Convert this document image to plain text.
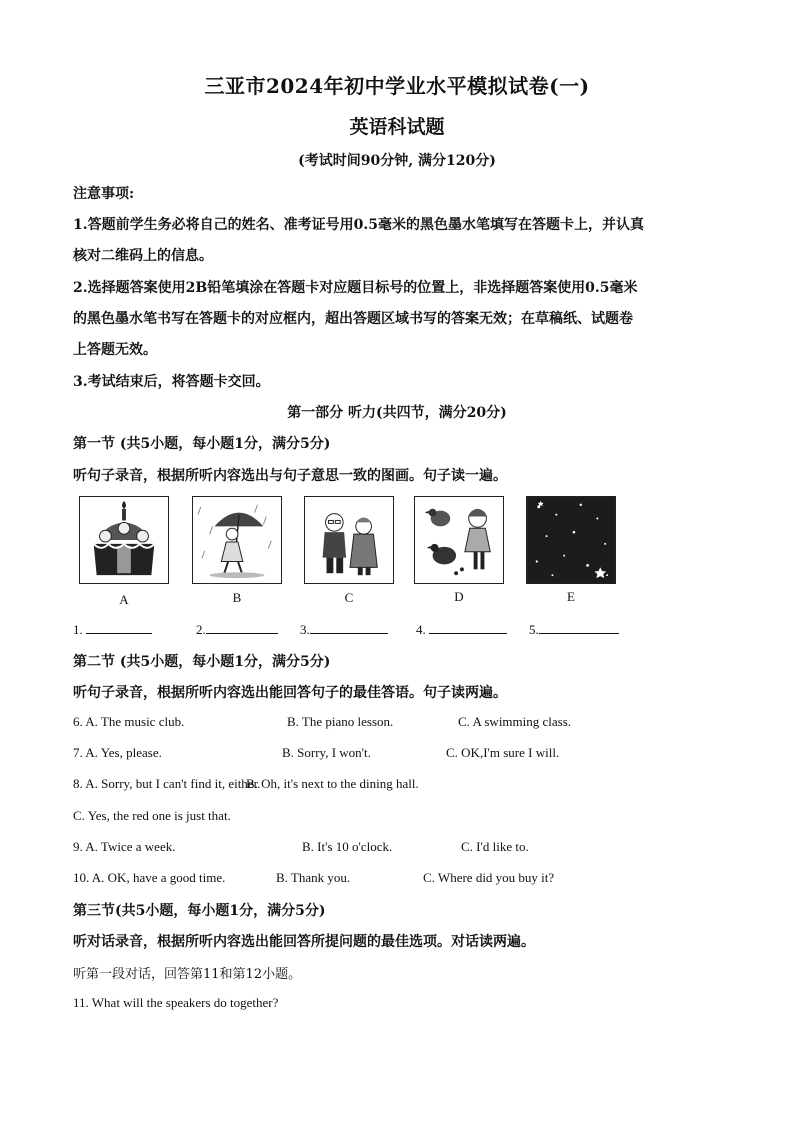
三亚市2024年初中学业水平模拟试卷(一)
英语科试题
(考试时间90分钟, 满分120分)
注意事项:
1.答题前学生务必将自己的姓名、准考证号用0.5毫米的黑色墨水笔填写在答题卡上，并认真
核对二维码上的信息。
2.选择题答案使用2B铅笔填涂在答题卡对应题目标号的位置上，非选择题答案使用0.5毫米
的黑色墨水笔书写在答题卡的对应框内，超出答题区域书写的答案无效；在草稿纸、试题卷
上答题无效。
3.考试结束后，将答题卡交回。
第一部分 听力(共四节，满分20分)
第一节 (共5小题，每小题1分，满分5分)
听句子录音，根据所听内容选出与句子意思一致的图画。句子读一遍。
A	B	C	D	E
1.	2.	3.	4.	5.
第二节 (共5小题，每小题1分，满分5分)
听句子录音，根据所听内容选出能回答句子的最佳答语。句子读两遍。
6. A. The music club.	B. The piano lesson.	C. A swimming class.
7. A. Yes, please.	B. Sorry, I won't.	C. OK,I'm sure I will.
8. A. Sorry, but I can't find it, either.
B. Oh, it's next to the dining hall.
C. Yes, the red one is just that.
9. A. Twice a week.	B. It's 10 o'clock.	C. I'd like to.
10. A. OK, have a good time.	B. Thank you.	C. Where did you buy it?
第三节(共5小题，每小题1分，满分5分)
听对话录音，根据所听内容选出能回答所提问题的最佳选项。对话读两遍。
听第一段对话，回答第11和第12小题。
11. What will the speakers do together?
